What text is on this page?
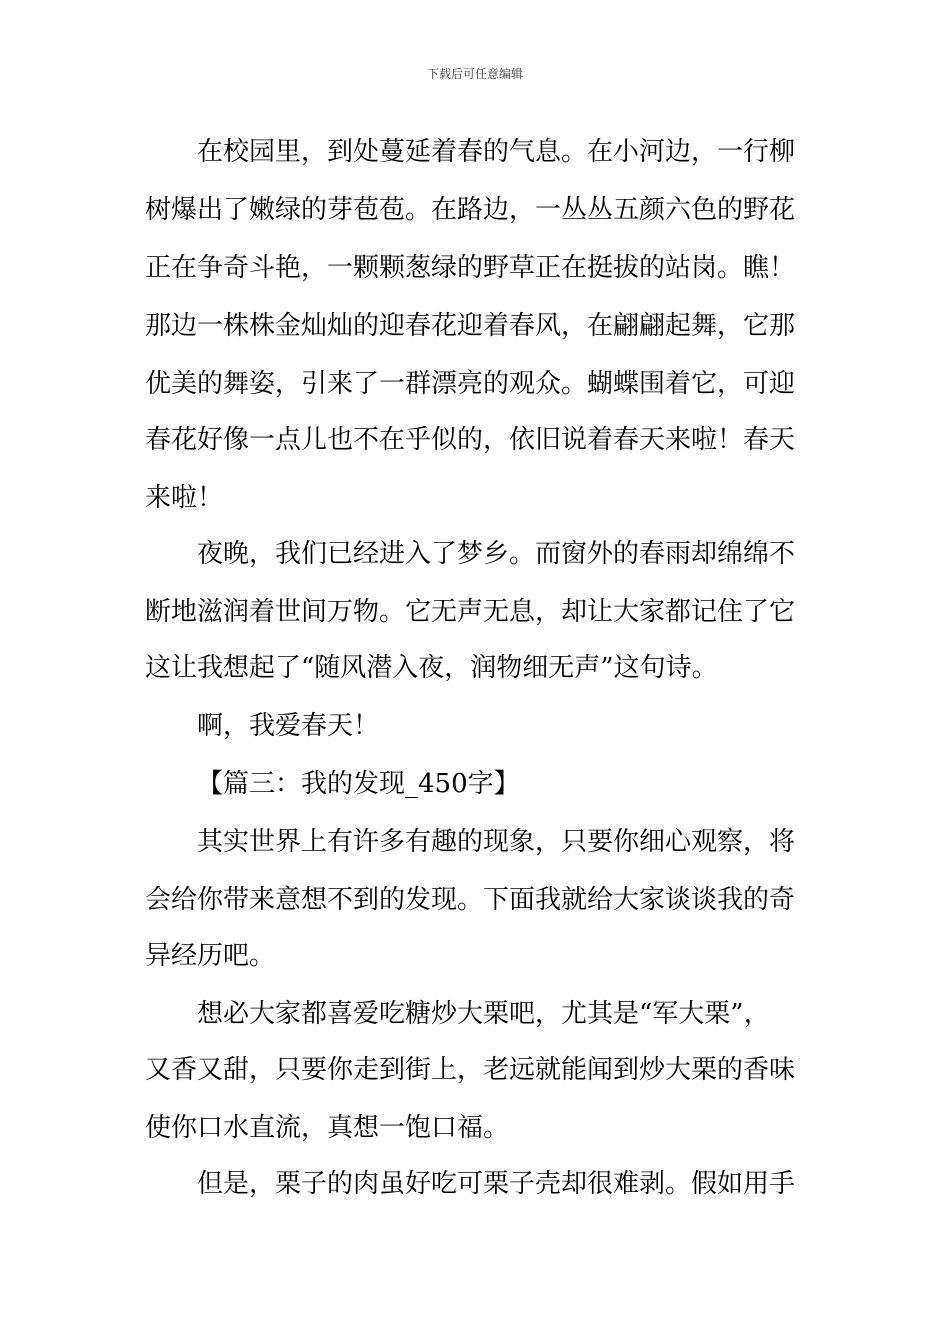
下载后可任意编辑
在校园里，到处蔓延着春的气息。在小河边，一行柳
树爆出了嫩绿的芽苞苞。在路边，一丛丛五颜六色的野花
正在争奇斗艳，一颗颗葱绿的野草正在挺拔的站岗。瞧！
那边一株株金灿灿的迎春花迎着春风，在翩翩起舞，它那
优美的舞姿，引来了一群漂亮的观众。蝴蝶围着它，可迎
春花好像一点儿也不在乎似的，依旧说着春天来啦！春天
来啦！
夜晚，我们已经进入了梦乡。而窗外的春雨却绵绵不
断地滋润着世间万物。它无声无息，却让大家都记住了它
这让我想起了“随风潜入夜，润物细无声”这句诗。
啊，我爱春天！
【篇三：我的发现_450字】
其实世界上有许多有趣的现象，只要你细心观察，将
会给你带来意想不到的发现。下面我就给大家谈谈我的奇
异经历吧。
想必大家都喜爱吃糖炒大栗吧，尤其是“军大栗”，
又香又甜，只要你走到街上，老远就能闻到炒大栗的香味
使你口水直流，真想一饱口福。
但是，栗子的肉虽好吃可栗子壳却很难剥。假如用手
